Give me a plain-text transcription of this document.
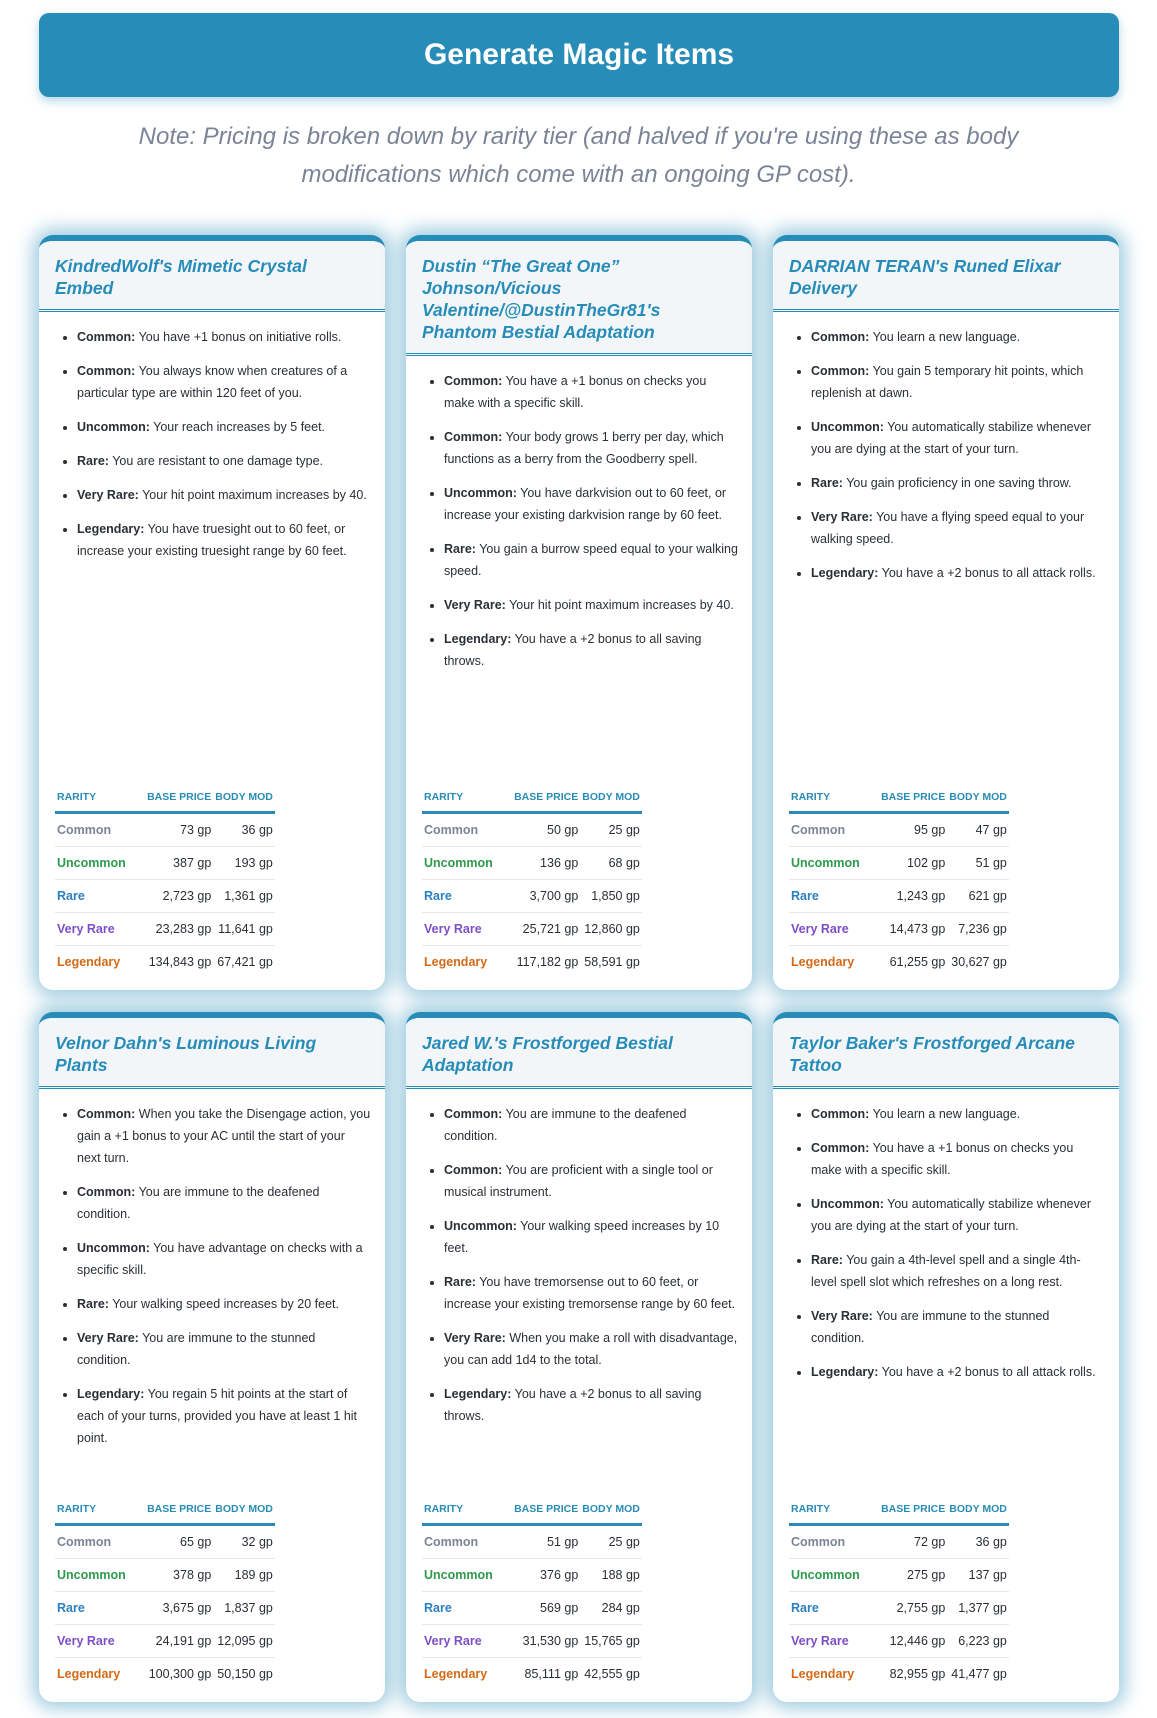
Generate Magic Items

Note: Pricing is broken down by rarity tier (and halved if you're using these as body modifications which come with an ongoing GP cost).

KindredWolf's Mimetic Crystal Embed
• Common: You have +1 bonus on initiative rolls.
• Common: You always know when creatures of a particular type are within 120 feet of you.
• Uncommon: Your reach increases by 5 feet.
• Rare: You are resistant to one damage type.
• Very Rare: Your hit point maximum increases by 40.
• Legendary: You have truesight out to 60 feet, or increase your existing truesight range by 60 feet.
RARITY	BASE PRICE	BODY MOD
Common	73 gp	36 gp
Uncommon	387 gp	193 gp
Rare	2,723 gp	1,361 gp
Very Rare	23,283 gp	11,641 gp
Legendary	134,843 gp	67,421 gp
Dustin “The Great One” Johnson/Vicious Valentine/@DustinTheGr81's Phantom Bestial Adaptation
• Common: You have a +1 bonus on checks you make with a specific skill.
• Common: Your body grows 1 berry per day, which functions as a berry from the Goodberry spell.
• Uncommon: You have darkvision out to 60 feet, or increase your existing darkvision range by 60 feet.
• Rare: You gain a burrow speed equal to your walking speed.
• Very Rare: Your hit point maximum increases by 40.
• Legendary: You have a +2 bonus to all saving throws.
RARITY	BASE PRICE	BODY MOD
Common	50 gp	25 gp
Uncommon	136 gp	68 gp
Rare	3,700 gp	1,850 gp
Very Rare	25,721 gp	12,860 gp
Legendary	117,182 gp	58,591 gp
DARRIAN TERAN's Runed Elixar Delivery
• Common: You learn a new language.
• Common: You gain 5 temporary hit points, which replenish at dawn.
• Uncommon: You automatically stabilize whenever you are dying at the start of your turn.
• Rare: You gain proficiency in one saving throw.
• Very Rare: You have a flying speed equal to your walking speed.
• Legendary: You have a +2 bonus to all attack rolls.
RARITY	BASE PRICE	BODY MOD
Common	95 gp	47 gp
Uncommon	102 gp	51 gp
Rare	1,243 gp	621 gp
Very Rare	14,473 gp	7,236 gp
Legendary	61,255 gp	30,627 gp
Velnor Dahn's Luminous Living Plants
• Common: When you take the Disengage action, you gain a +1 bonus to your AC until the start of your next turn.
• Common: You are immune to the deafened condition.
• Uncommon: You have advantage on checks with a specific skill.
• Rare: Your walking speed increases by 20 feet.
• Very Rare: You are immune to the stunned condition.
• Legendary: You regain 5 hit points at the start of each of your turns, provided you have at least 1 hit point.
RARITY	BASE PRICE	BODY MOD
Common	65 gp	32 gp
Uncommon	378 gp	189 gp
Rare	3,675 gp	1,837 gp
Very Rare	24,191 gp	12,095 gp
Legendary	100,300 gp	50,150 gp
Jared W.'s Frostforged Bestial Adaptation
• Common: You are immune to the deafened condition.
• Common: You are proficient with a single tool or musical instrument.
• Uncommon: Your walking speed increases by 10 feet.
• Rare: You have tremorsense out to 60 feet, or increase your existing tremorsense range by 60 feet.
• Very Rare: When you make a roll with disadvantage, you can add 1d4 to the total.
• Legendary: You have a +2 bonus to all saving throws.
RARITY	BASE PRICE	BODY MOD
Common	51 gp	25 gp
Uncommon	376 gp	188 gp
Rare	569 gp	284 gp
Very Rare	31,530 gp	15,765 gp
Legendary	85,111 gp	42,555 gp
Taylor Baker's Frostforged Arcane Tattoo
• Common: You learn a new language.
• Common: You have a +1 bonus on checks you make with a specific skill.
• Uncommon: You automatically stabilize whenever you are dying at the start of your turn.
• Rare: You gain a 4th-level spell and a single 4th-level spell slot which refreshes on a long rest.
• Very Rare: You are immune to the stunned condition.
• Legendary: You have a +2 bonus to all attack rolls.
RARITY	BASE PRICE	BODY MOD
Common	72 gp	36 gp
Uncommon	275 gp	137 gp
Rare	2,755 gp	1,377 gp
Very Rare	12,446 gp	6,223 gp
Legendary	82,955 gp	41,477 gp
